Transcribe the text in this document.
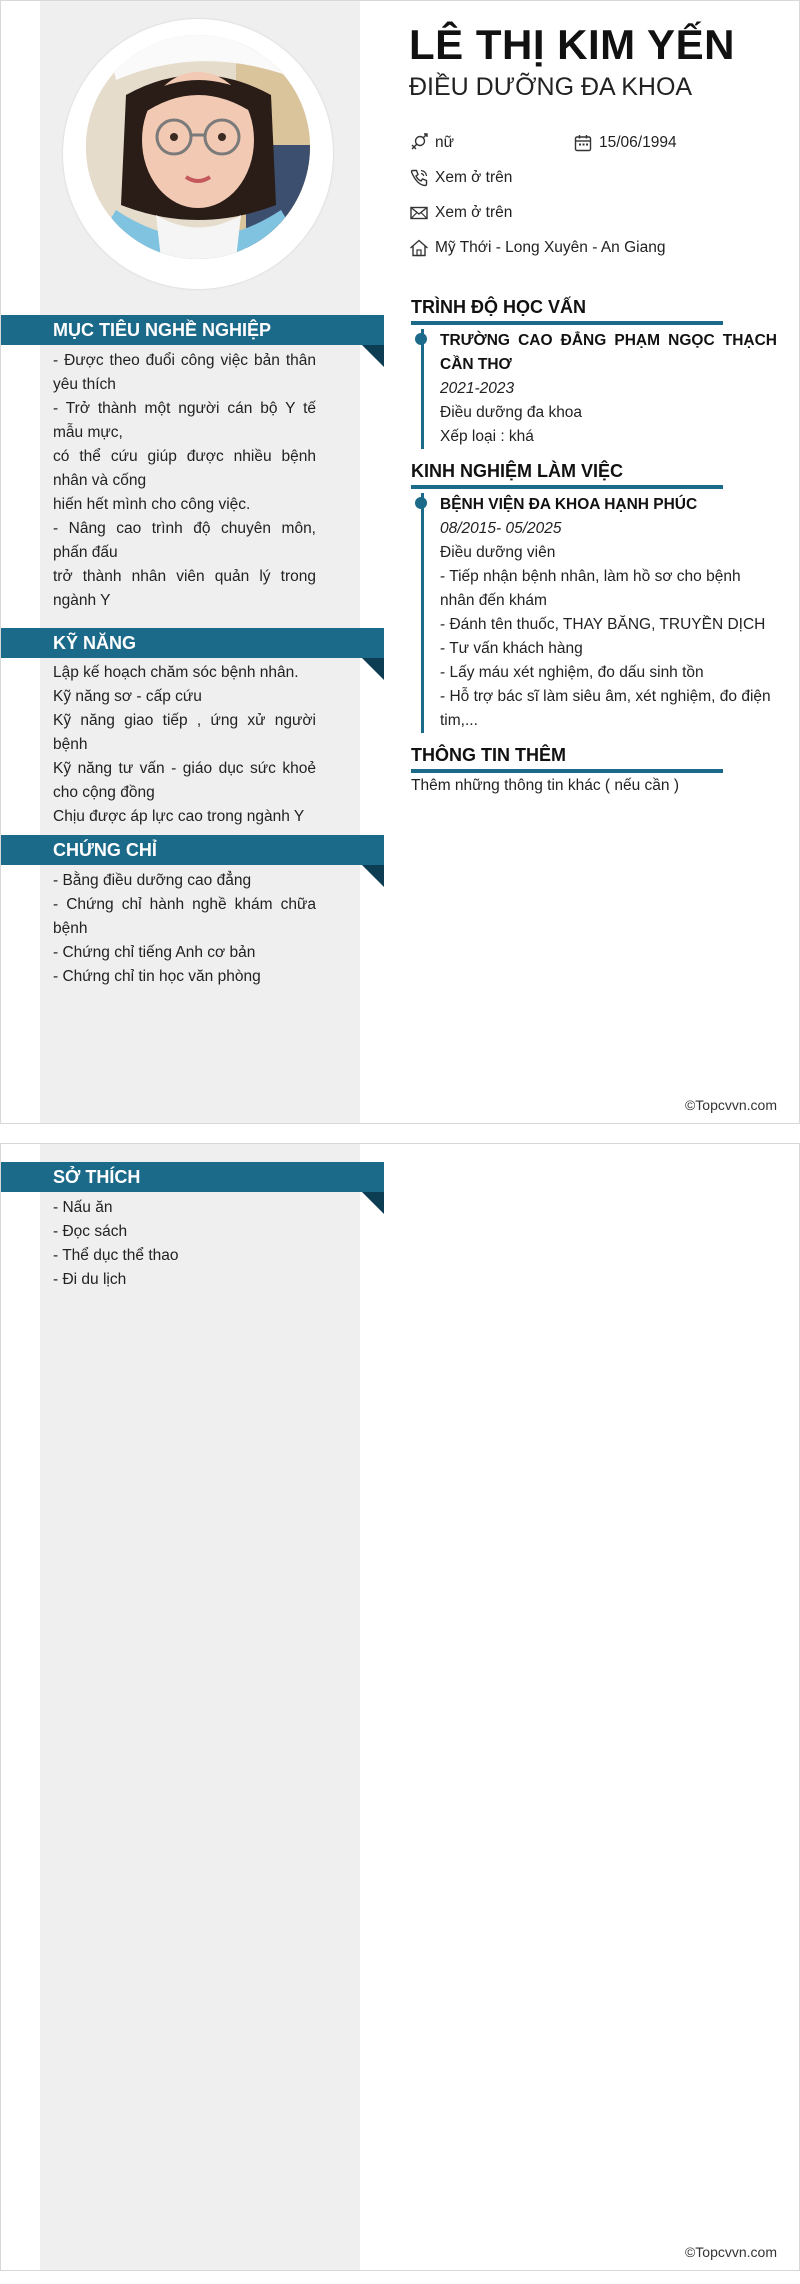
LÊ THỊ KIM YẾN
ĐIỀU DƯỠNG ĐA KHOA
nữ	15/06/1994
Xem ở trên
Xem ở trên
Mỹ Thới - Long Xuyên - An Giang
MỤC TIÊU NGHỀ NGHIỆP
- Được theo đuổi công việc bản thân yêu thích
- Trở thành một người cán bộ Y tế mẫu mực,
có thể cứu giúp được nhiều bệnh nhân và cống
hiến hết mình cho công việc.
- Nâng cao trình độ chuyên môn, phấn đấu
trở thành nhân viên quản lý trong ngành Y
KỸ NĂNG
Lập kế hoạch chăm sóc bệnh nhân.
Kỹ năng sơ - cấp cứu
Kỹ năng giao tiếp , ứng xử người bệnh
Kỹ năng tư vấn - giáo dục sức khoẻ cho cộng đồng
Chịu được áp lực cao trong ngành Y
CHỨNG CHỈ
- Bằng điều dưỡng cao đẳng
- Chứng chỉ hành nghề khám chữa bệnh
- Chứng chỉ tiếng Anh cơ bản
- Chứng chỉ tin học văn phòng
TRÌNH ĐỘ HỌC VẤN
TRƯỜNG CAO ĐẲNG PHẠM NGỌC THẠCH CẦN THƠ
2021-2023
Điều dưỡng đa khoa
Xếp loại : khá
KINH NGHIỆM LÀM VIỆC
BỆNH VIỆN ĐA KHOA HẠNH PHÚC
08/2015- 05/2025
Điều dưỡng viên
- Tiếp nhận bệnh nhân, làm hồ sơ cho bệnh nhân đến khám
- Đánh tên thuốc, THAY BĂNG, TRUYỀN DỊCH
- Tư vấn khách hàng
- Lấy máu xét nghiệm, đo dấu sinh tồn
- Hỗ trợ bác sĩ làm siêu âm, xét nghiệm, đo điện tim,...
THÔNG TIN THÊM
Thêm những thông tin khác ( nếu cần )
©Topcvvn.com
SỞ THÍCH
- Nấu ăn
- Đọc sách
- Thể dục thể thao
- Đi du lịch
©Topcvvn.com
